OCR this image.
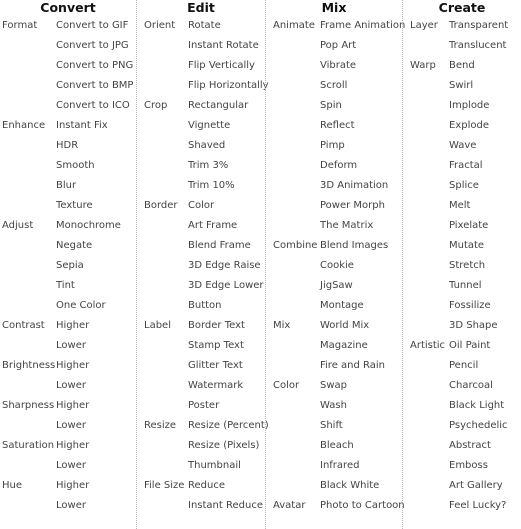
Convert
Format Convert to GIF
Convert to JPG
Convert to PNG
Convert to BMP
Convert to ICO
Enhance Instant Fix
HDR
Smooth
Blur
Texture
Adjust Monochrome
Negate
Sepia
Tint
One Color
Contrast Higher
Lower
Brightness Higher
Lower
Sharpness Higher
Lower
Saturation Higher
Lower
Hue	Higher
Lower
Edit
Orient Rotate
Instant Rotate
Flip Vertically
Flip Horizontally
Crop Rectangular
Vignette
Shaved
Trim 3%
Trim 10%
Border Color
Art Frame
Blend Frame
3D Edge Raise
3D Edge Lower
Button
Label Border Text
Stamp Text
Glitter Text
Watermark
Poster
Resize Resize (Percent)
Resize (Pixels)
Thumbnail
File Size Reduce
Instant Reduce
Mix
Animate Frame Animation
Pop Art
Vibrate
Scroll
Spin
Reflect
Pimp
Deform
3D Animation
Power Morph
The Matrix
Combine Blend Images
Cookie
JigSaw
Montage
Mix	World Mix
Magazine
Fire and Rain
Color Swap
Wash
Shift
Bleach
Infrared
Black White
Avatar Photo to Cartoon
Create
Layer Transparent
Translucent
Warp Bend
Swirl
Implode
Explode
Wave
Fractal
Splice
Melt
Pixelate
Mutate
Stretch
Tunnel
Fossilize
3D Shape
Artistic Oil Paint
Pencil
Charcoal
Black Light
Psychedelic
Abstract
Emboss
Art Gallery
Feel Lucky?
